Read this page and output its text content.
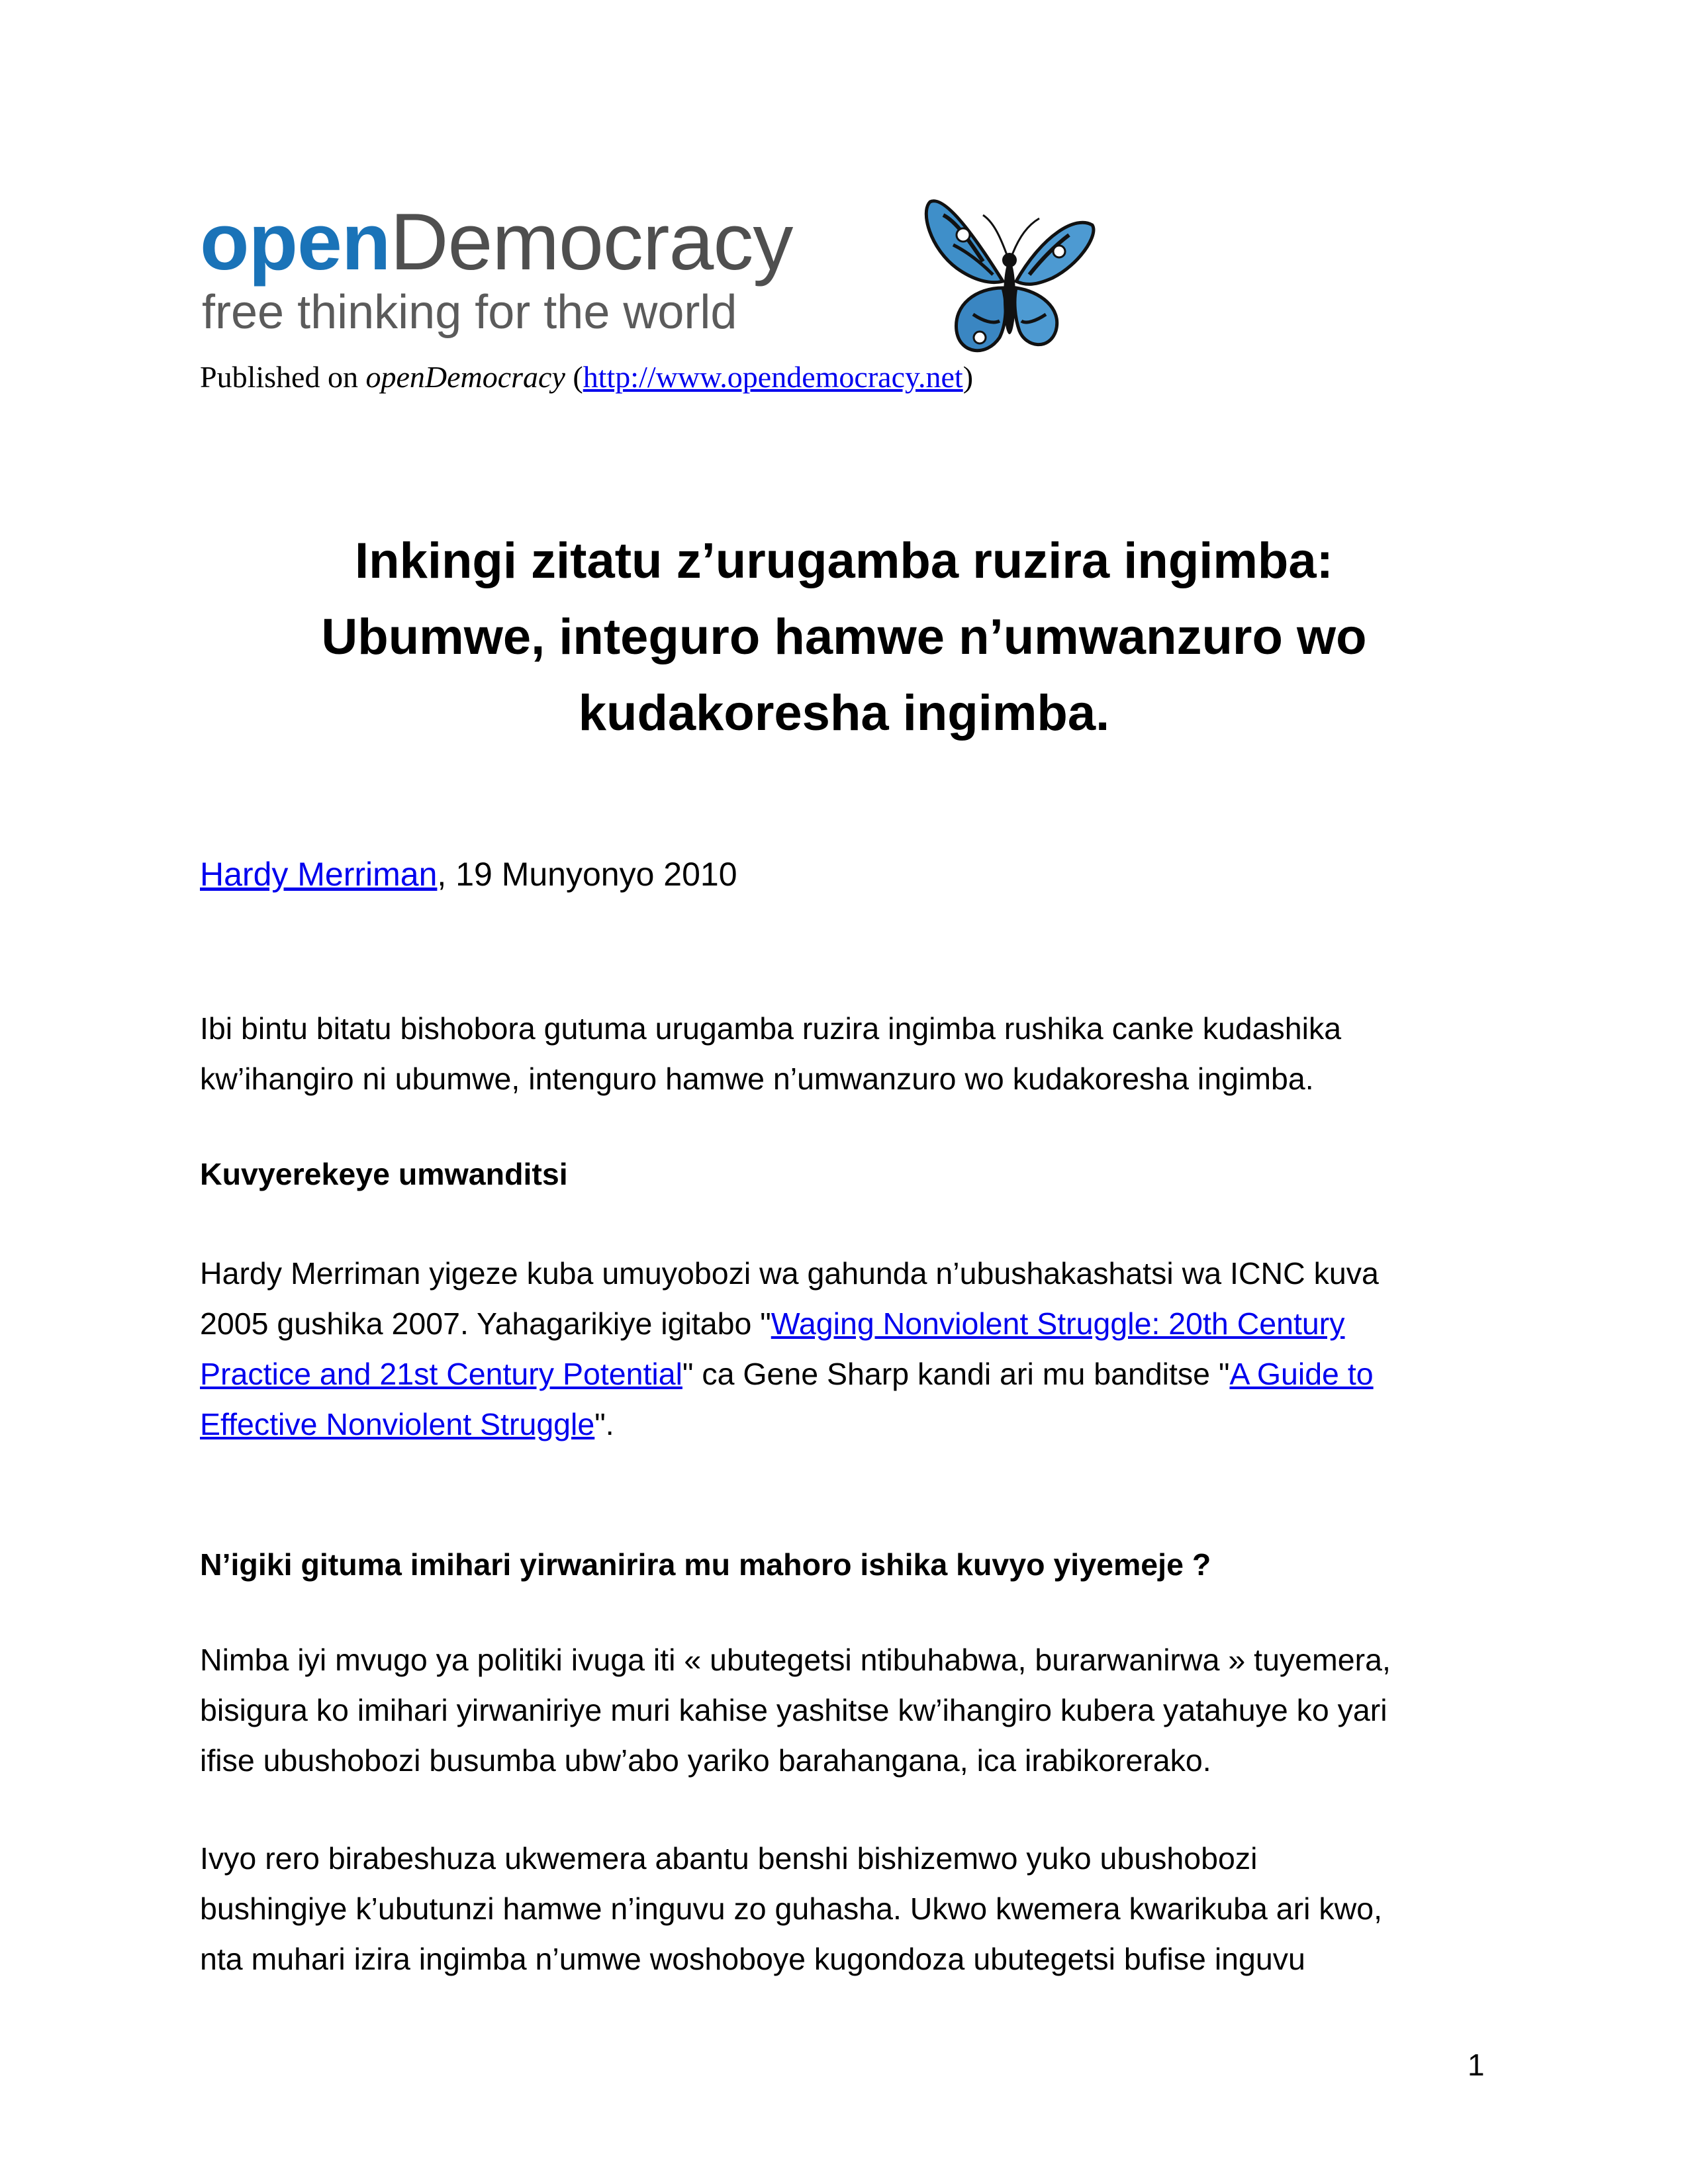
openDemocracy
free thinking for the world
Published on openDemocracy (http://www.opendemocracy.net)
Inkingi zitatu z’urugamba ruzira ingimba:
Ubumwe, integuro hamwe n’umwanzuro wo
kudakoresha ingimba.
Hardy Merriman, 19 Munyonyo 2010
Ibi bintu bitatu bishobora gutuma urugamba ruzira ingimba rushika canke kudashika
kw’ihangiro ni ubumwe, intenguro hamwe n’umwanzuro wo kudakoresha ingimba.
Kuvyerekeye umwanditsi
Hardy Merriman yigeze kuba umuyobozi wa gahunda n’ubushakashatsi wa ICNC kuva
2005 gushika 2007. Yahagarikiye igitabo "Waging Nonviolent Struggle: 20th Century
Practice and 21st Century Potential" ca Gene Sharp kandi ari mu banditse "A Guide to
Effective Nonviolent Struggle".
N’igiki gituma imihari yirwanirira mu mahoro ishika kuvyo yiyemeje ?
Nimba iyi mvugo ya politiki ivuga iti « ubutegetsi ntibuhabwa, burarwanirwa » tuyemera,
bisigura ko imihari yirwaniriye muri kahise yashitse kw’ihangiro kubera yatahuye ko yari
ifise ubushobozi busumba ubw’abo yariko barahangana, ica irabikorerako.
Ivyo rero birabeshuza ukwemera abantu benshi bishizemwo yuko ubushobozi
bushingiye k’ubutunzi hamwe n’inguvu zo guhasha. Ukwo kwemera kwarikuba ari kwo,
nta muhari izira ingimba n’umwe woshoboye kugondoza ubutegetsi bufise inguvu
1
